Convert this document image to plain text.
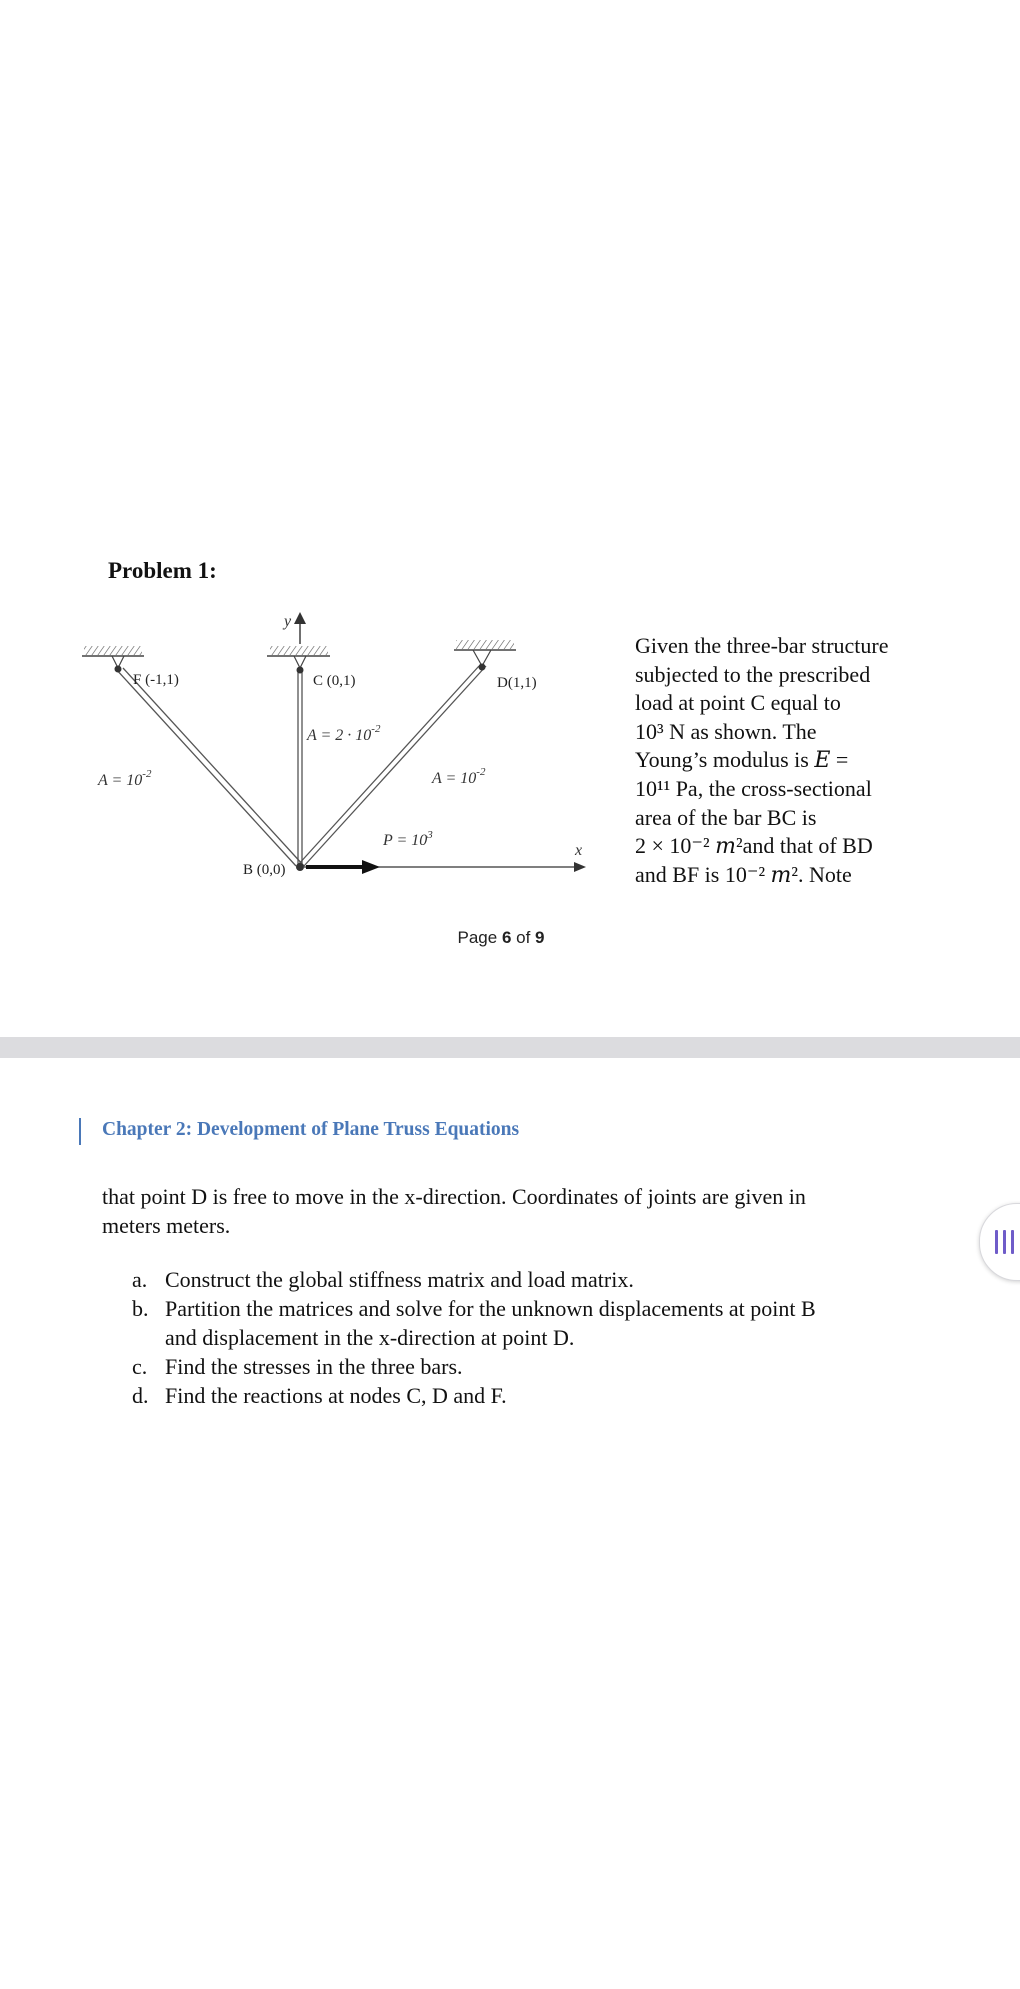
Problem 1:
y
x
F (-1,1)	C (0,1)	D(1,1)
B (0,0)
$A = 2 \cdot 10^{-2}$
$A = 10^{-2}$	$A = 10^{-2}$
$P = 10^3$
Given the three-bar structure
subjected to the prescribed
load at point C equal to
10³ N as shown. The
Young’s modulus is 𝐸 =
10¹¹ Pa, the cross-sectional
area of the bar BC is
2 × 10⁻² 𝑚²and that of BD
and BF is 10⁻² 𝑚². Note
Page 6 of 9
Chapter 2: Development of Plane Truss Equations
that point D is free to move in the x-direction. Coordinates of joints are given in
meters meters.
a. Construct the global stiffness matrix and load matrix.
b. Partition the matrices and solve for the unknown displacements at point B
and displacement in the x-direction at point D.
c. Find the stresses in the three bars.
d. Find the reactions at nodes C, D and F.
